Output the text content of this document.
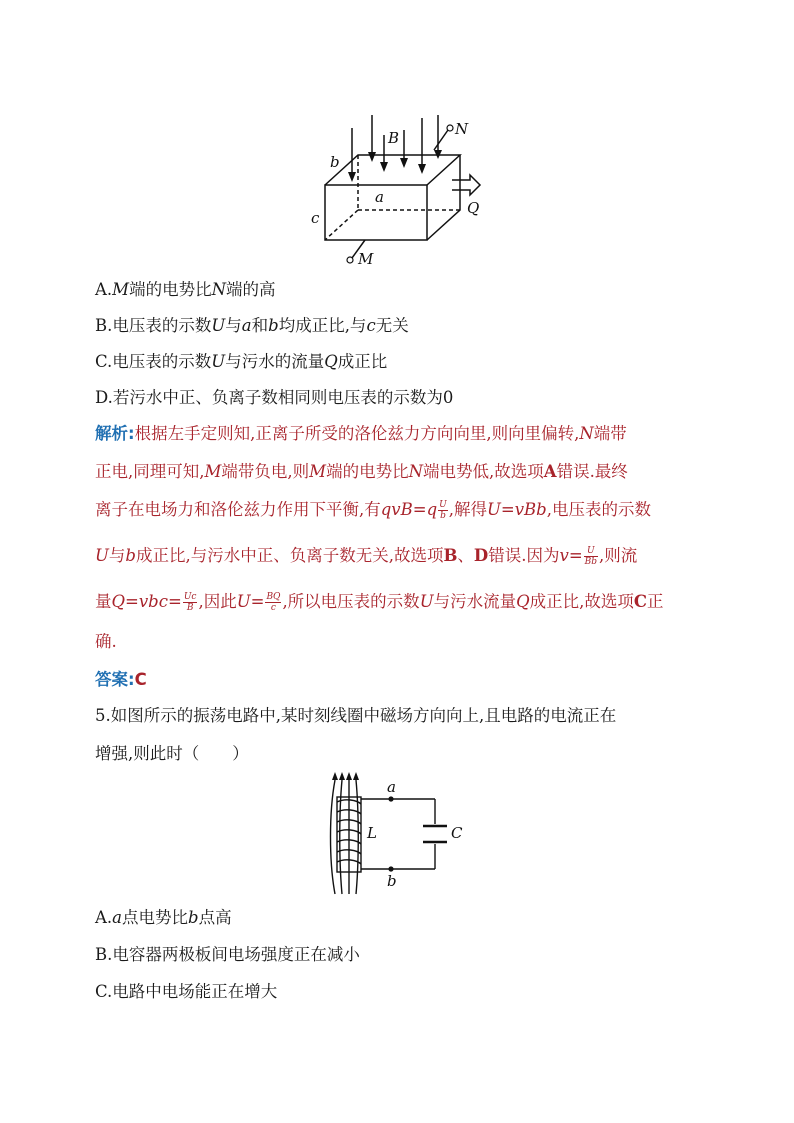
b
B	N
a
c
Q
M
A.M端的电势比N端的高
B.电压表的示数U与a和b均成正比,与c无关
C.电压表的示数U与污水的流量Q成正比
D.若污水中正、负离子数相同则电压表的示数为0
解析:根据左手定则知,正离子所受的洛伦兹力方向向里,则向里偏转,N端带
正电,同理可知,M端带负电,则M端的电势比N端电势低,故选项A错误.最终
离子在电场力和洛伦兹力作用下平衡,有$qvB=q \frac{U}{b}$ ,解得U=vBb,电压表的示数
U与b成正比,与污水中正、负离子数无关,故选项B、D错误.因为$v= \frac{U}{Bb}$ ,则流
量$Q=vbc= \frac{Uc}{B}$ ,因此$U= \frac{BQ}{c}$ ,所以电压表的示数U与污水流量Q成正比,故选项C正
确.
答案:C
5.如图所示的振荡电路中,某时刻线圈中磁场方向向上,且电路的电流正在
增强,则此时（　　）
a
L	C
b
A.a点电势比b点高
B.电容器两极板间电场强度正在减小
C.电路中电场能正在增大
